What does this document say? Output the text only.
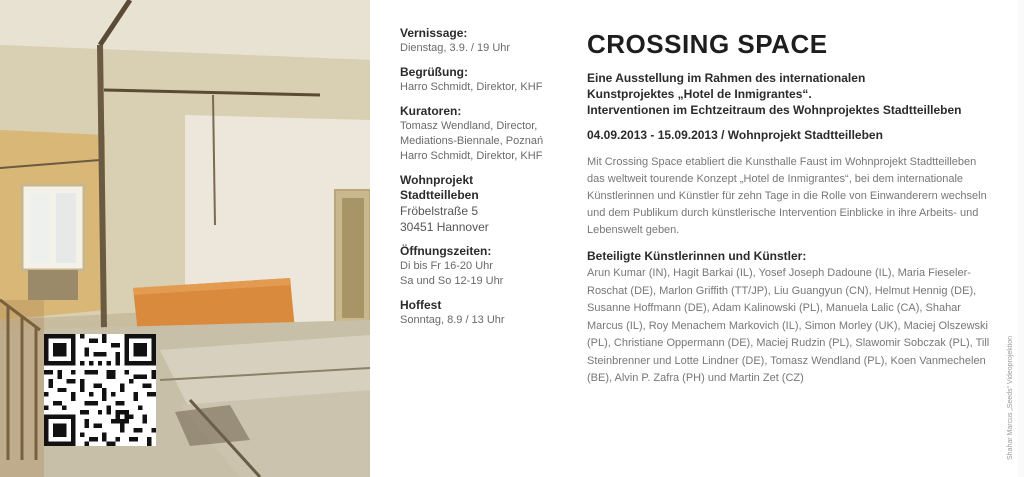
Vernissage:
Dienstag, 3.9. / 19 Uhr
Begrüßung:
Harro Schmidt, Direktor, KHF
Kuratoren:
Tomasz Wendland, Director,
Mediations-Biennale, Poznań
Harro Schmidt, Direktor, KHF
Wohnprojekt
Stadtteilleben
Fröbelstraße 5
30451 Hannover
Öffnungszeiten:
Di bis Fr 16-20 Uhr
Sa und So 12-19 Uhr
Hoffest
Sonntag, 8.9 / 13 Uhr
CROSSING SPACE
Eine Ausstellung im Rahmen des internationalen
Kunstprojektes „Hotel de Inmigrantes“.
Interventionen im Echtzeitraum des Wohnprojektes Stadtteilleben
04.09.2013 - 15.09.2013 / Wohnprojekt Stadtteilleben
Mit Crossing Space etabliert die Kunsthalle Faust im Wohnprojekt Stadtteilleben das weltweit tourende Konzept „Hotel de Inmigrantes“, bei dem internationale Künstlerinnen und Künstler für zehn Tage in die Rolle von Einwanderern wechseln und dem Publikum durch künstlerische Intervention Einblicke in ihre Arbeits- und Lebenswelt geben.
Beteiligte Künstlerinnen und Künstler:
Arun Kumar (IN), Hagit Barkai (IL), Yosef Joseph Dadoune (IL), Maria Fieseler-Roschat (DE), Marlon Griffith (TT/JP), Liu Guangyun (CN), Helmut Hennig (DE), Susanne Hoffmann (DE), Adam Kalinowski (PL), Manuela Lalic (CA), Shahar Marcus (IL), Roy Menachem Markovich (IL), Simon Morley (UK), Maciej Olszewski (PL), Christiane Oppermann (DE), Maciej Rudzin (PL), Slawomir Sobczak (PL), Till Steinbrenner und Lotte Lindner (DE), Tomasz Wendland (PL), Koen Vanmechelen (BE), Alvin P. Zafra (PH) und Martin Zet (CZ)	Shahar Marcus „Seeds“ Videoprojektion
